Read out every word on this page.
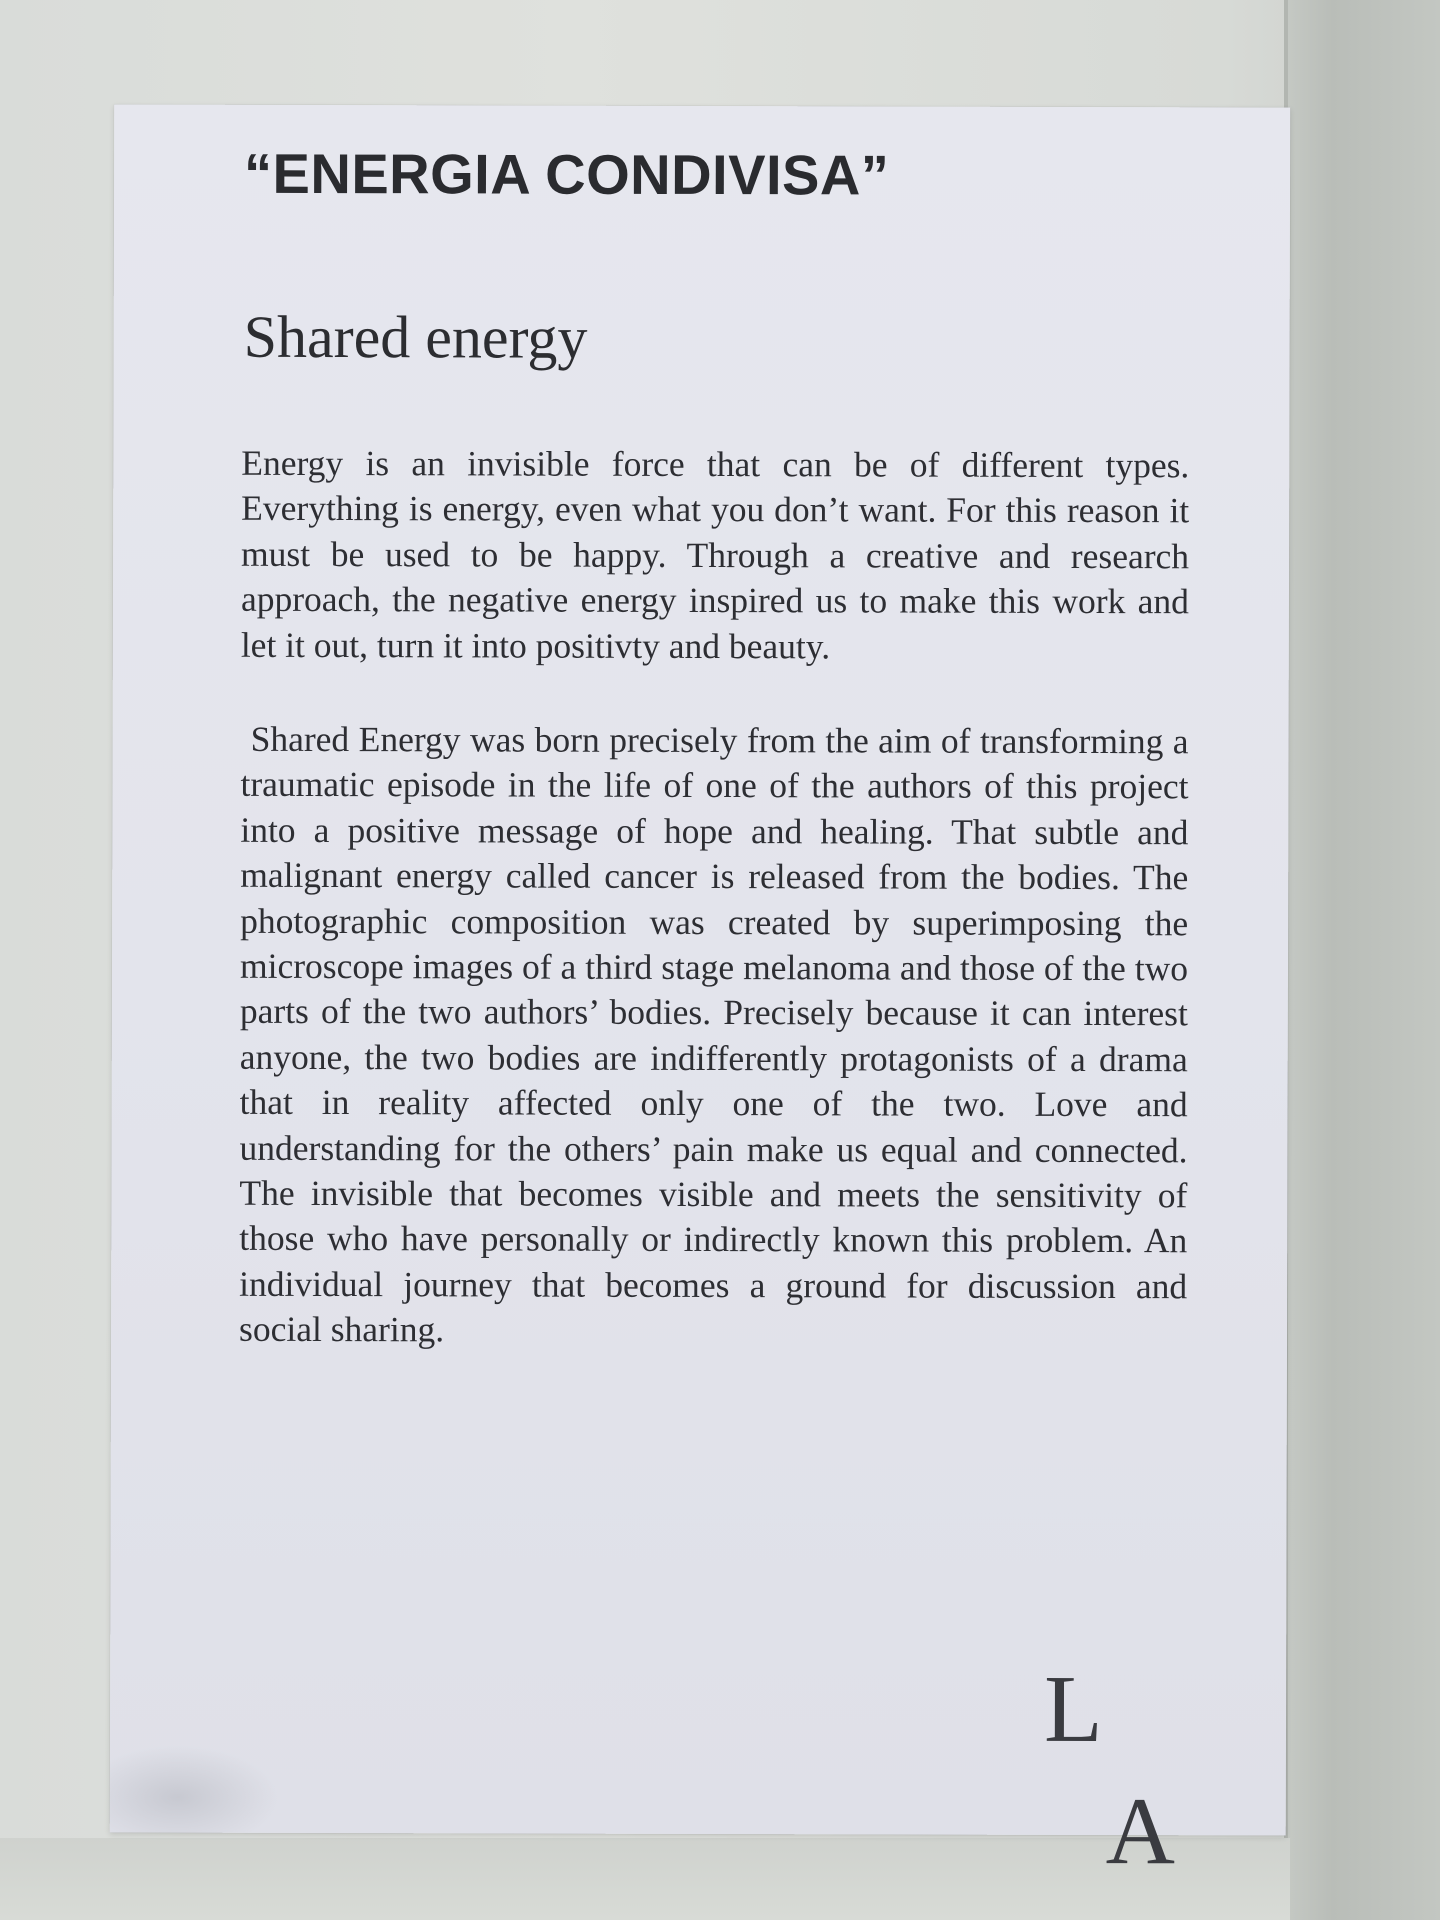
“ENERGIA CONDIVISA”
Shared energy

Energy is an invisible force that can be of different types. Everything is energy, even what you don’t want. For this reason it must be used to be happy. Through a creative and research approach, the negative energy inspired us to make this work and let it out, turn it into positivty and beauty.

Shared Energy was born precisely from the aim of transforming a traumatic episode in the life of one of the authors of this project into a positive message of hope and healing. That subtle and malignant energy called cancer is released from the bodies. The photographic composition was created by superimposing the microscope images of a third stage melanoma and those of the two parts of the two authors’ bodies. Precisely because it can interest anyone, the two bodies are indifferently protagonists of a drama that in reality affected only one of the two. Love and understanding for the others’ pain make us equal and connected. The invisible that becomes visible and meets the sensitivity of those who have personally or indirectly known this problem. An individual journey that becomes a ground for discussion and social sharing.

L
A
